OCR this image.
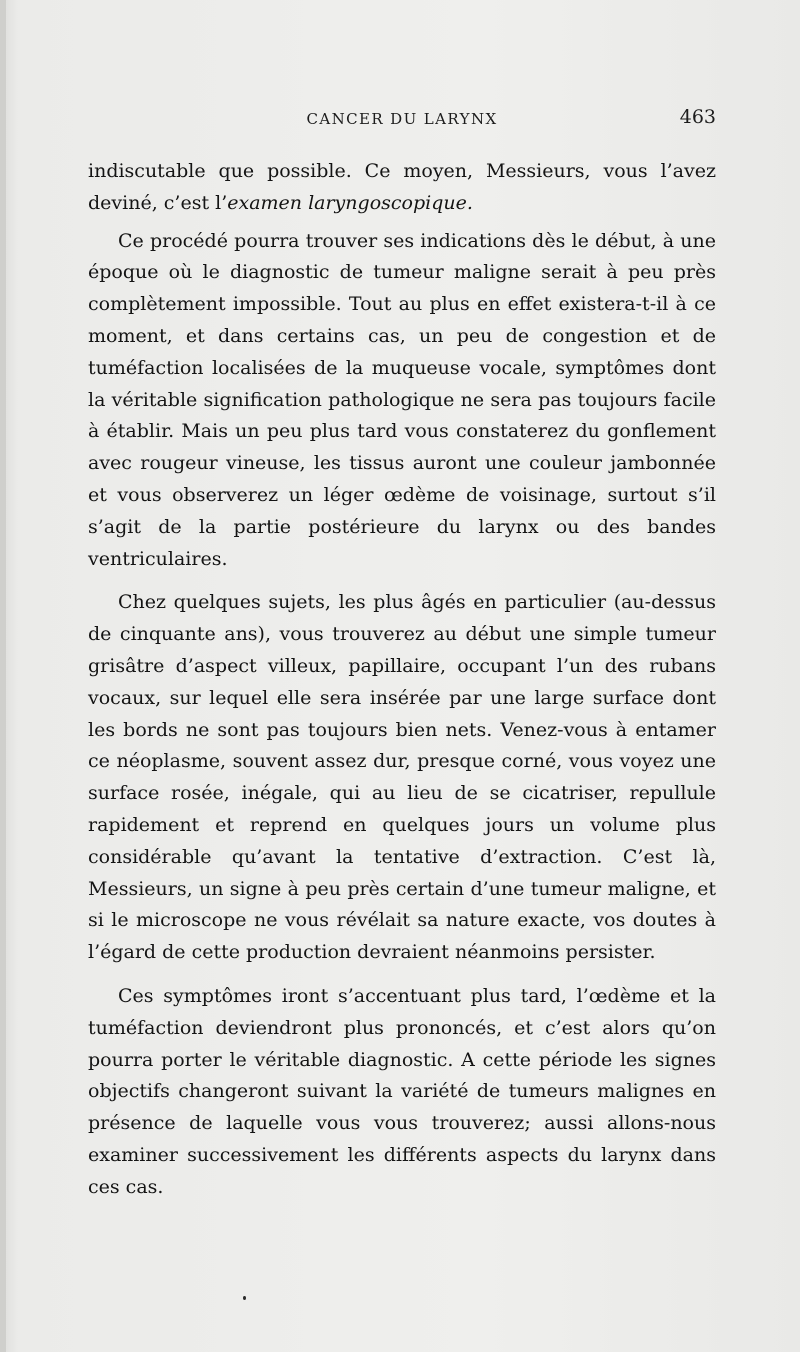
CANCER DU LARYNX	463

indiscutable que possible. Ce moyen, Messieurs, vous l’avez deviné, c’est l’examen laryngoscopique.

Ce procédé pourra trouver ses indications dès le début, à une époque où le diagnostic de tumeur maligne serait à peu près complètement impossible. Tout au plus en effet existera-t-il à ce moment, et dans certains cas, un peu de congestion et de tuméfaction localisées de la muqueuse vocale, symptômes dont la véritable signification pathologique ne sera pas toujours facile à établir. Mais un peu plus tard vous constaterez du gonflement avec rougeur vineuse, les tissus auront une couleur jambonnée et vous observerez un léger œdème de voisinage, surtout s’il s’agit de la partie postérieure du larynx ou des bandes ventriculaires.

Chez quelques sujets, les plus âgés en particulier (au-dessus de cinquante ans), vous trouverez au début une simple tumeur grisâtre d’aspect villeux, papillaire, occupant l’un des rubans vocaux, sur lequel elle sera insérée par une large surface dont les bords ne sont pas toujours bien nets. Venez-vous à entamer ce néoplasme, souvent assez dur, presque corné, vous voyez une surface rosée, inégale, qui au lieu de se cicatriser, repullule rapidement et reprend en quelques jours un volume plus considérable qu’avant la tentative d’extraction. C’est là, Messieurs, un signe à peu près certain d’une tumeur maligne, et si le microscope ne vous révélait sa nature exacte, vos doutes à l’égard de cette production devraient néanmoins persister.

Ces symptômes iront s’accentuant plus tard, l’œdème et la tuméfaction deviendront plus prononcés, et c’est alors qu’on pourra porter le véritable diagnostic. A cette période les signes objectifs changeront suivant la variété de tumeurs malignes en présence de laquelle vous vous trouverez; aussi allons-nous examiner successivement les différents aspects du larynx dans ces cas.
